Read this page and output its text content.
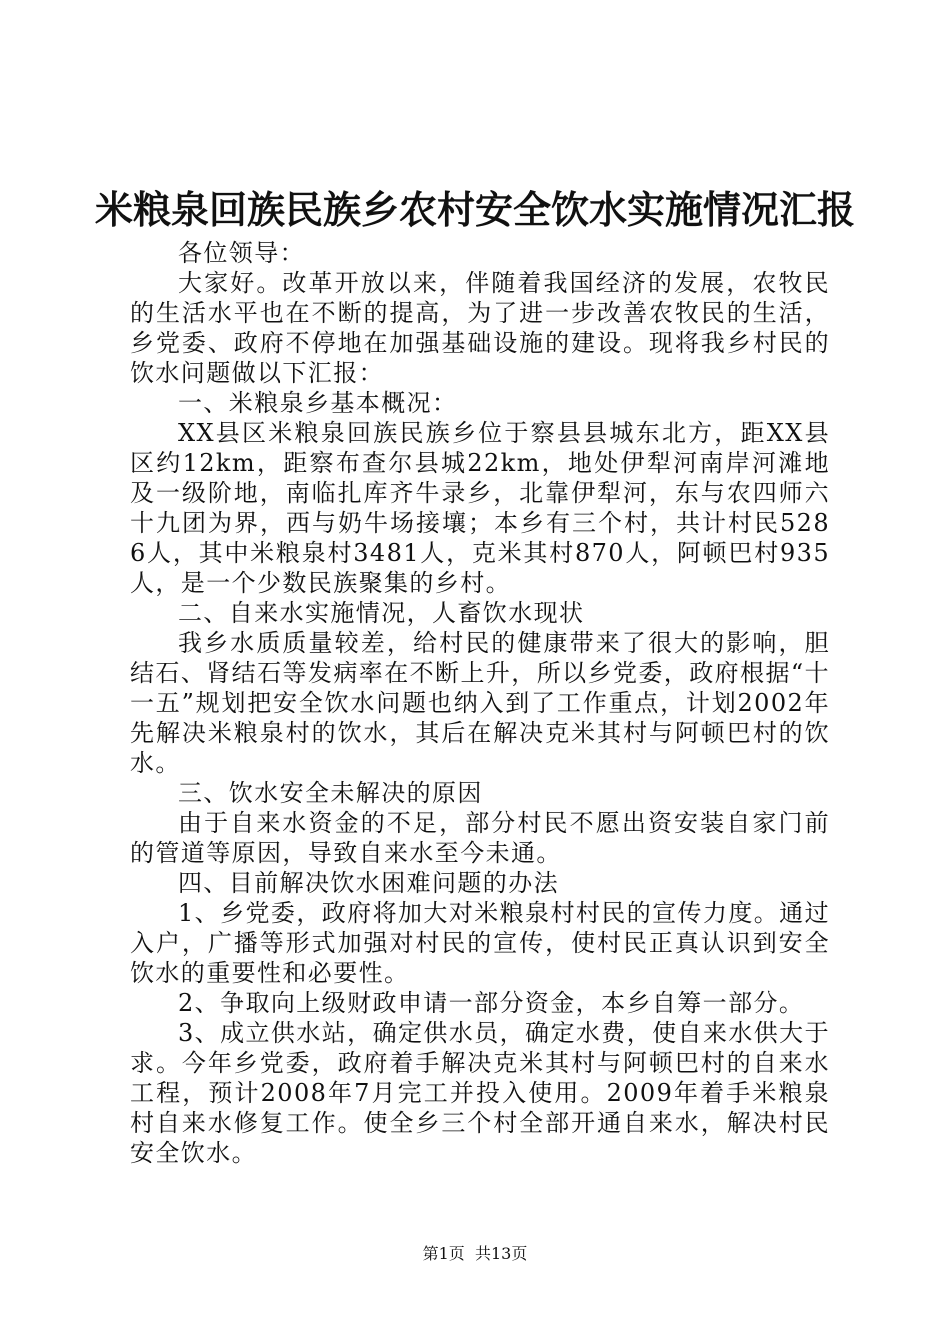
米粮泉回族民族乡农村安全饮水实施情况汇报

各位领导：

大家好。改革开放以来，伴随着我国经济的发展，农牧民的生活水平也在不断的提高，为了进一步改善农牧民的生活，乡党委、政府不停地在加强基础设施的建设。现将我乡村民的饮水问题做以下汇报：

一、米粮泉乡基本概况：

XX县区米粮泉回族民族乡位于察县县城东北方，距XX县区约12km，距察布查尔县城22km，地处伊犁河南岸河滩地及一级阶地，南临扎库齐牛录乡，北靠伊犁河，东与农四师六十九团为界，西与奶牛场接壤；本乡有三个村，共计村民5286人，其中米粮泉村3481人，克米其村870人，阿顿巴村935人，是一个少数民族聚集的乡村。

二、自来水实施情况，人畜饮水现状

我乡水质质量较差，给村民的健康带来了很大的影响，胆结石、肾结石等发病率在不断上升，所以乡党委，政府根据“十一五”规划把安全饮水问题也纳入到了工作重点，计划2002年先解决米粮泉村的饮水，其后在解决克米其村与阿顿巴村的饮水。

三、饮水安全未解决的原因

由于自来水资金的不足，部分村民不愿出资安装自家门前的管道等原因，导致自来水至今未通。

四、目前解决饮水困难问题的办法

1、乡党委，政府将加大对米粮泉村村民的宣传力度。通过入户，广播等形式加强对村民的宣传，使村民正真认识到安全饮水的重要性和必要性。

2、争取向上级财政申请一部分资金，本乡自筹一部分。

3、成立供水站，确定供水员，确定水费，使自来水供大于求。今年乡党委，政府着手解决克米其村与阿顿巴村的自来水工程，预计2008年7月完工并投入使用。2009年着手米粮泉村自来水修复工作。使全乡三个村全部开通自来水，解决村民安全饮水。

第1页 共13页
